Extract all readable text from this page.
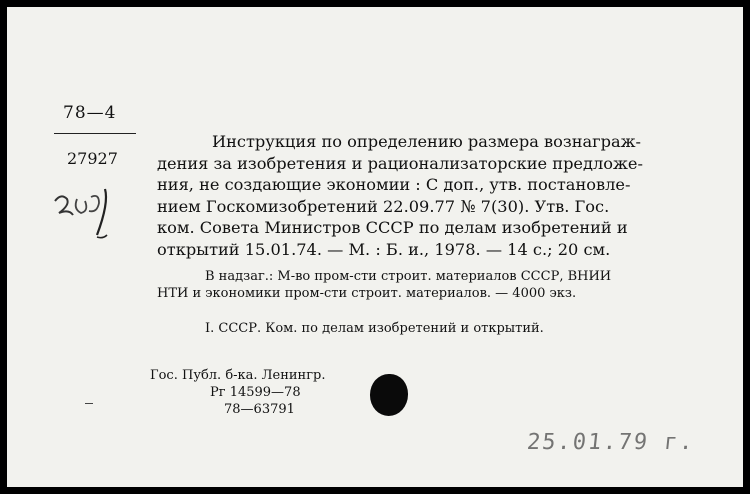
78—4
27927
Инструкция по определению размера вознаграж-
дения за изобретения и рационализаторские предложе-
ния, не создающие экономии : С доп., утв. постановле-
нием Госкомизобретений 22.09.77 № 7(30). Утв. Гос.
ком. Совета Министров СССР по делам изобретений и
открытий 15.01.74. — М. : Б. и., 1978. — 14 с.; 20 см.
В надзаг.: М-во пром-сти строит. материалов СССР, ВНИИ
НТИ и экономики пром-сти строит. материалов. — 4000 экз.
I. СССР. Ком. по делам изобретений и открытий.
Гос. Публ. б-ка. Ленингр.
Рг 14599—78
78—63791
25.01.79 г.
